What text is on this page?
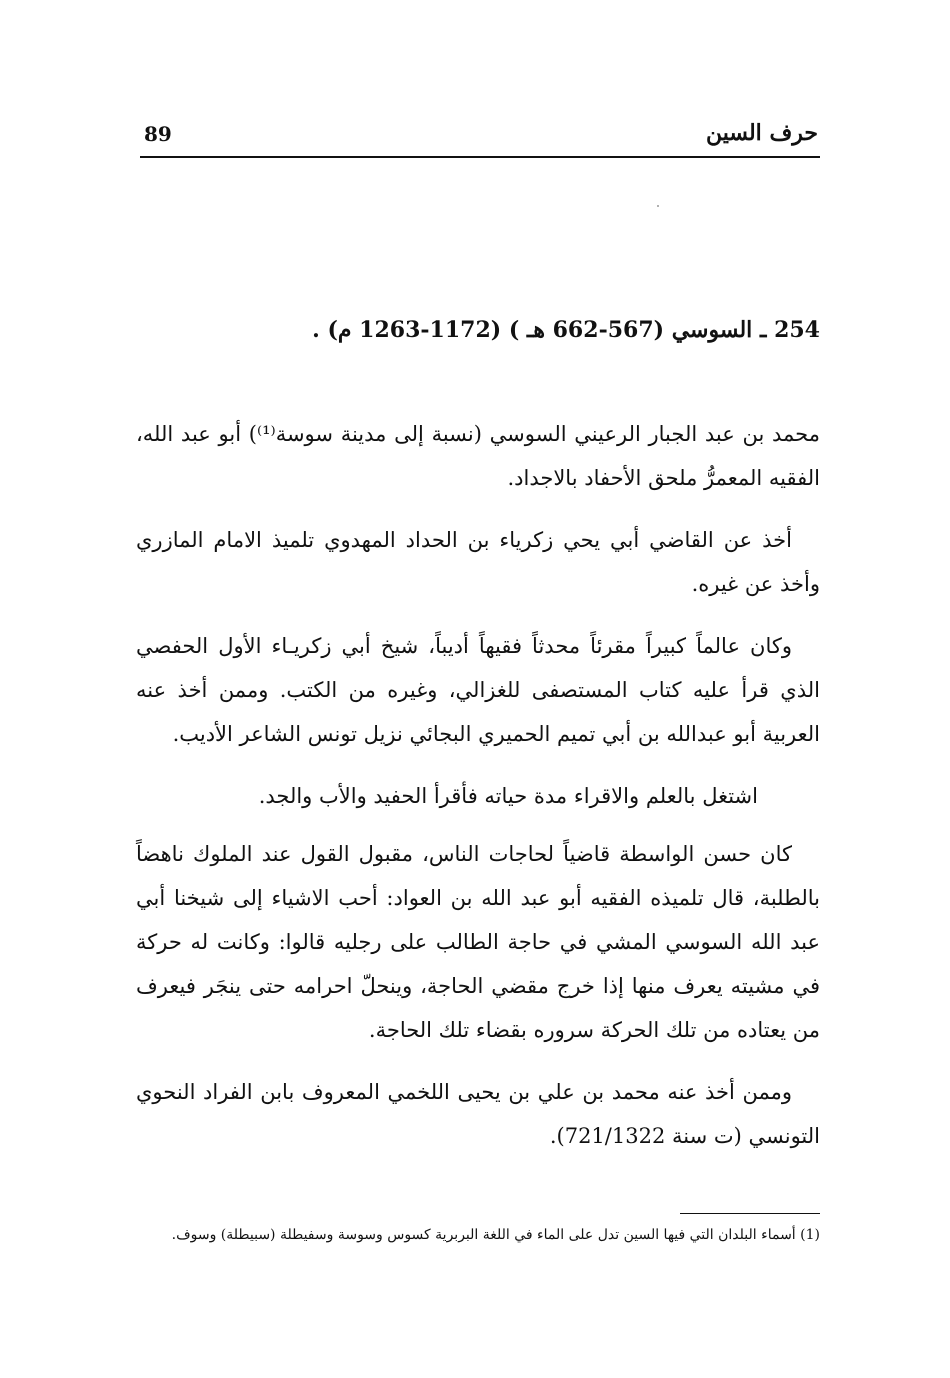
89	حرف السين
254 ـ السوسي (567-662 هـ ) (1172-1263 م) .

محمد بن عبد الجبار الرعيني السوسي (نسبة إلى مدينة سوسة⁽¹⁾) أبو عبد الله، الفقيه المعمرُّ ملحق الأحفاد بالاجداد.

أخذ عن القاضي أبي يحي زكرياء بن الحداد المهدوي تلميذ الامام المازري وأخذ عن غيره.

وكان عالماً كبيراً مقرئاً محدثاً فقيهاً أديباً، شيخ أبي زكريـاء الأول الحفصي الذي قرأ عليه كتاب المستصفى للغزالي، وغيره من الكتب. وممن أخذ عنه العربية أبو عبدالله بن أبي تميم الحميري البجائي نزيل تونس الشاعر الأديب.

اشتغل بالعلم والاقراء مدة حياته فأقرأ الحفيد والأب والجد.

كان حسن الواسطة قاضياً لحاجات الناس، مقبول القول عند الملوك ناهضاً بالطلبة، قال تلميذه الفقيه أبو عبد الله بن العواد: أحب الاشياء إلى شيخنا أبي عبد الله السوسي المشي في حاجة الطالب على رجليه قالوا: وكانت له حركة في مشيته يعرف منها إذا خرج مقضي الحاجة، وينحلّ احرامه حتى ينجَر فيعرف من يعتاده من تلك الحركة سروره بقضاء تلك الحاجة.

وممن أخذ عنه محمد بن علي بن يحيى اللخمي المعروف بابن الفراد النحوي التونسي (ت سنة 721/1322).

(1) أسماء البلدان التي فيها السين تدل على الماء في اللغة البربرية كسوس وسوسة وسفيطلة (سبيطلة) وسوف.
